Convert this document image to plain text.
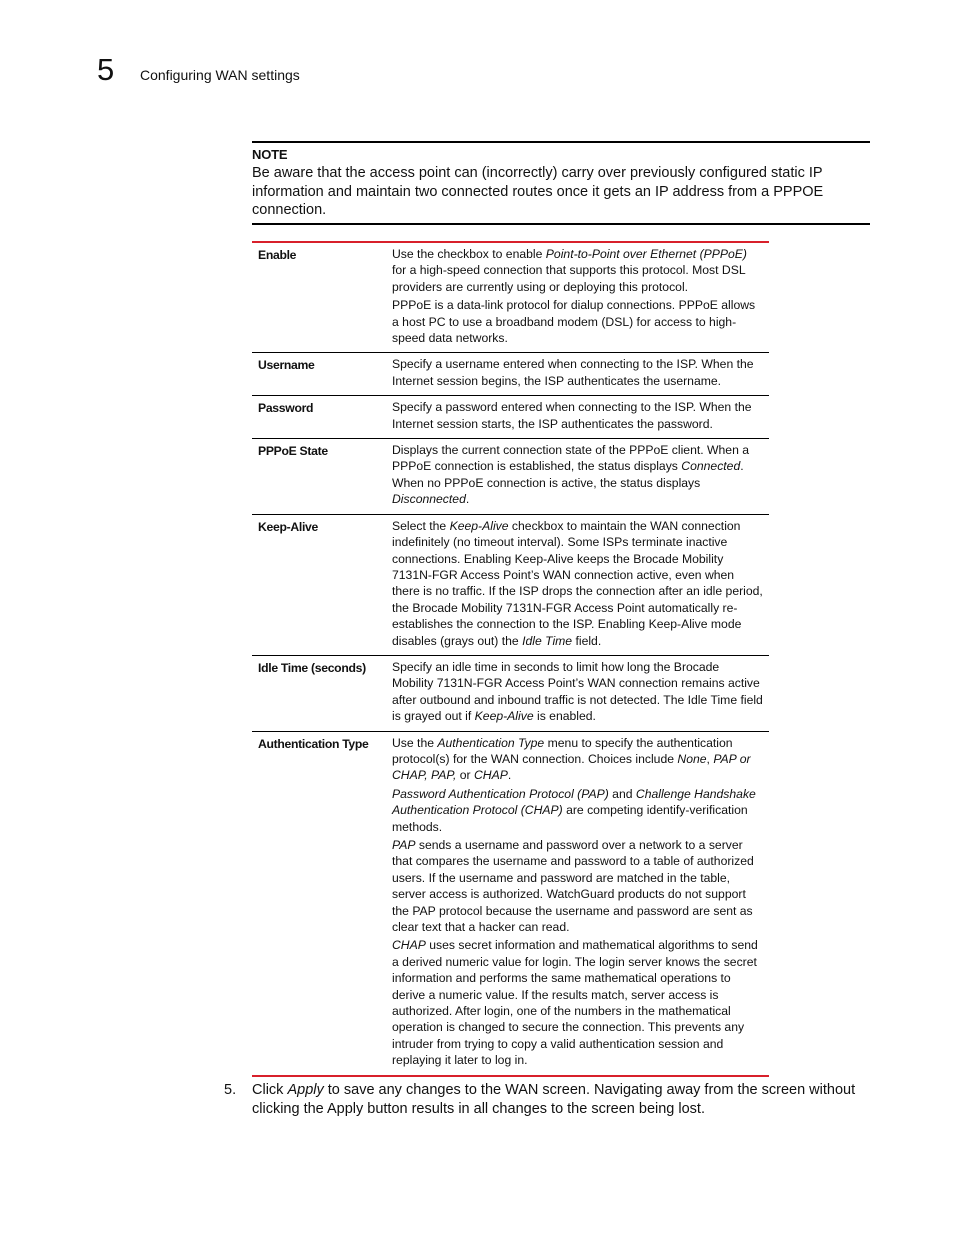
5 Configuring WAN settings
NOTE
Be aware that the access point can (incorrectly) carry over previously configured static IP information and maintain two connected routes once it gets an IP address from a PPPOE connection.
Enable	Use the checkbox to enable Point-to-Point over Ethernet (PPPoE) for a high-speed connection that supports this protocol. Most DSL providers are currently using or deploying this protocol.

PPPoE is a data-link protocol for dialup connections. PPPoE allows a host PC to use a broadband modem (DSL) for access to high-speed data networks.

Username	Specify a username entered when connecting to the ISP. When the Internet session begins, the ISP authenticates the username.

Password	Specify a password entered when connecting to the ISP. When the Internet session starts, the ISP authenticates the password.

PPPoE State	Displays the current connection state of the PPPoE client. When a PPPoE connection is established, the status displays Connected. When no PPPoE connection is active, the status displays Disconnected.

Keep-Alive	Select the Keep-Alive checkbox to maintain the WAN connection indefinitely (no timeout interval). Some ISPs terminate inactive connections. Enabling Keep-Alive keeps the Brocade Mobility 7131N-FGR Access Point’s WAN connection active, even when there is no traffic. If the ISP drops the connection after an idle period, the Brocade Mobility 7131N-FGR Access Point automatically re-establishes the connection to the ISP. Enabling Keep-Alive mode disables (grays out) the Idle Time field.

Idle Time (seconds)	Specify an idle time in seconds to limit how long the Brocade Mobility 7131N-FGR Access Point’s WAN connection remains active after outbound and inbound traffic is not detected. The Idle Time field is grayed out if Keep-Alive is enabled.

Authentication Type	Use the Authentication Type menu to specify the authentication protocol(s) for the WAN connection. Choices include None, PAP or CHAP, PAP, or CHAP.

Password Authentication Protocol (PAP) and Challenge Handshake Authentication Protocol (CHAP) are competing identify-verification methods.

PAP sends a username and password over a network to a server that compares the username and password to a table of authorized users. If the username and password are matched in the table, server access is authorized. WatchGuard products do not support the PAP protocol because the username and password are sent as clear text that a hacker can read.

CHAP uses secret information and mathematical algorithms to send a derived numeric value for login. The login server knows the secret information and performs the same mathematical operations to derive a numeric value. If the results match, server access is authorized. After login, one of the numbers in the mathematical operation is changed to secure the connection. This prevents any intruder from trying to copy a valid authentication session and replaying it later to log in.

5. Click Apply to save any changes to the WAN screen. Navigating away from the screen without clicking the Apply button results in all changes to the screen being lost.
